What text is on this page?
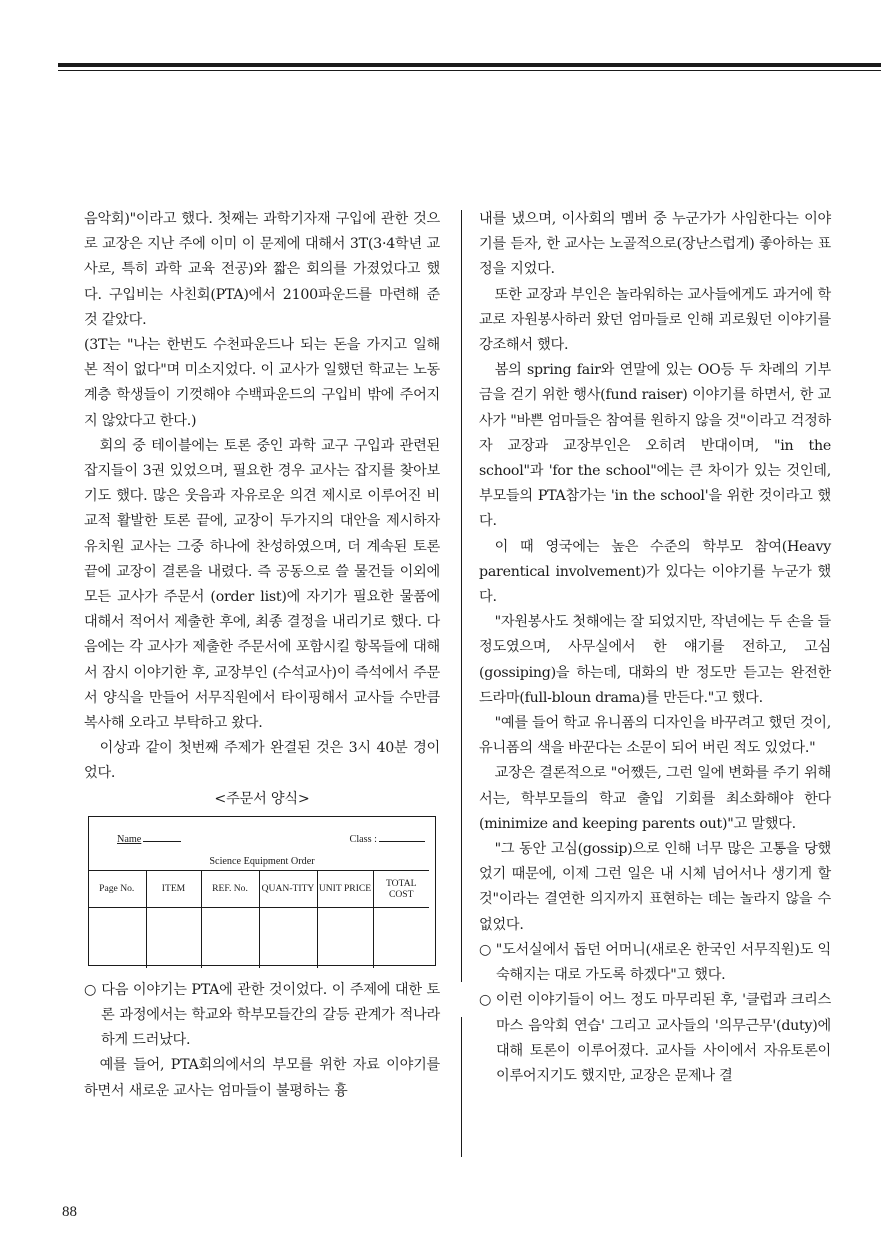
음악회)"이라고 했다. 첫째는 과학기자재 구입에 관한 것으로 교장은 지난 주에 이미 이 문제에 대해서 3T(3·4학년 교사로, 특히 과학 교육 전공)와 짧은 회의를 가졌었다고 했다. 구입비는 사친회(PTA)에서 2100파운드를 마련해 준 것 같았다.

(3T는 "나는 한번도 수천파운드나 되는 돈을 가지고 일해 본 적이 없다"며 미소지었다. 이 교사가 일했던 학교는 노동 계층 학생들이 기껏해야 수백파운드의 구입비 밖에 주어지지 않았다고 한다.)

회의 중 테이블에는 토론 중인 과학 교구 구입과 관련된 잡지들이 3권 있었으며, 필요한 경우 교사는 잡지를 찾아보기도 했다. 많은 웃음과 자유로운 의견 제시로 이루어진 비교적 활발한 토론 끝에, 교장이 두가지의 대안을 제시하자 유치원 교사는 그중 하나에 찬성하였으며, 더 계속된 토론끝에 교장이 결론을 내렸다. 즉 공동으로 쓸 물건들 이외에 모든 교사가 주문서 (order list)에 자기가 필요한 물품에 대해서 적어서 제출한 후에, 최종 결정을 내리기로 했다. 다음에는 각 교사가 제출한 주문서에 포함시킬 항목들에 대해서 잠시 이야기한 후, 교장부인 (수석교사)이 즉석에서 주문서 양식을 만들어 서무직원에서 타이핑해서 교사들 수만큼 복사해 오라고 부탁하고 왔다.

이상과 같이 첫번째 주제가 완결된 것은 3시 40분 경이었다.

<주문서 양식>

Name	Class :
Science Equipment Order
Page No.	ITEM	REF. No.	QUAN-TITY	UNIT PRICE	TOTAL COST

○ 다음 이야기는 PTA에 관한 것이었다. 이 주제에 대한 토론 과정에서는 학교와 학부모들간의 갈등 관계가 적나라하게 드러났다.

예를 들어, PTA회의에서의 부모를 위한 자료 이야기를 하면서 새로운 교사는 엄마들이 불평하는 흉

내를 냈으며, 이사회의 멤버 중 누군가가 사임한다는 이야기를 듣자, 한 교사는 노골적으로(장난스럽게) 좋아하는 표정을 지었다.

또한 교장과 부인은 놀라워하는 교사들에게도 과거에 학교로 자원봉사하러 왔던 엄마들로 인해 괴로웠던 이야기를 강조해서 했다.

봄의 spring fair와 연말에 있는 OO등 두 차례의 기부금을 걷기 위한 행사(fund raiser) 이야기를 하면서, 한 교사가 "바쁜 엄마들은 참여를 원하지 않을 것"이라고 걱정하자 교장과 교장부인은 오히려 반대이며, "in the school"과 'for the school"에는 큰 차이가 있는 것인데, 부모들의 PTA참가는 'in the school'을 위한 것이라고 했다.

이 때 영국에는 높은 수준의 학부모 참여(Heavy parentical involvement)가 있다는 이야기를 누군가 했다.

"자원봉사도 첫해에는 잘 되었지만, 작년에는 두 손을 들 정도였으며, 사무실에서 한 얘기를 전하고, 고심(gossiping)을 하는데, 대화의 반 정도만 듣고는 완전한 드라마(full-bloun drama)를 만든다."고 했다.

"예를 들어 학교 유니폼의 디자인을 바꾸려고 했던 것이, 유니폼의 색을 바꾼다는 소문이 되어 버린 적도 있었다."

교장은 결론적으로 "어쨌든, 그런 일에 변화를 주기 위해서는, 학부모들의 학교 출입 기회를 최소화해야 한다(minimize and keeping parents out)"고 말했다.

"그 동안 고심(gossip)으로 인해 너무 많은 고통을 당했었기 때문에, 이제 그런 일은 내 시체 넘어서나 생기게 할 것"이라는 결연한 의지까지 표현하는 데는 놀라지 않을 수 없었다.

○ "도서실에서 돕던 어머니(새로온 한국인 서무직원)도 익숙해지는 대로 가도록 하겠다"고 했다.

○ 이런 이야기들이 어느 정도 마무리된 후, '클럽과 크리스마스 음악회 연습' 그리고 교사들의 '의무근무'(duty)에 대해 토론이 이루어졌다. 교사들 사이에서 자유토론이 이루어지기도 했지만, 교장은 문제나 결

88
